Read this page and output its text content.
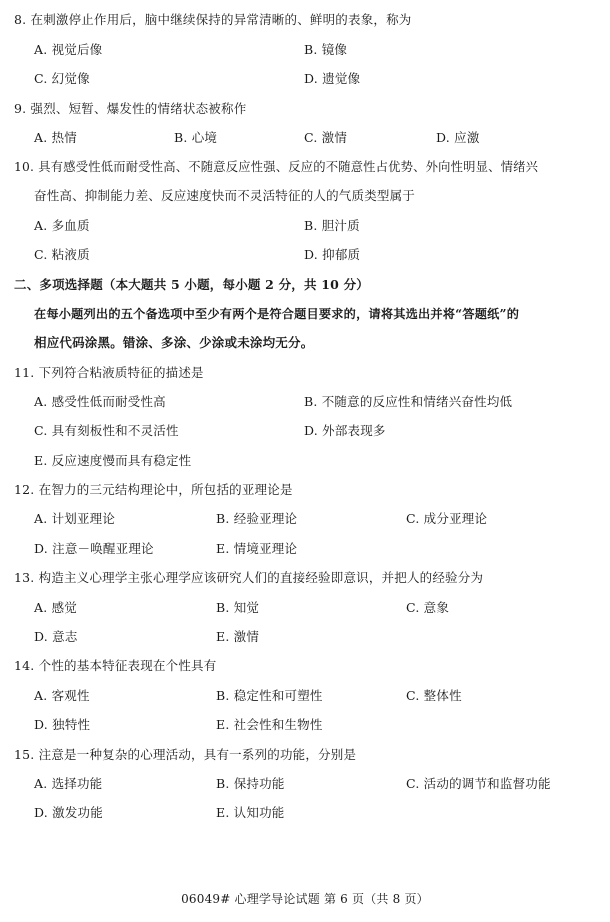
8. 在刺激停止作用后，脑中继续保持的异常清晰的、鲜明的表象，称为
A. 视觉后像	B. 镜像
C. 幻觉像	D. 遗觉像
9. 强烈、短暂、爆发性的情绪状态被称作
A. 热情	B. 心境	C. 激情	D. 应激
10. 具有感受性低而耐受性高、不随意反应性强、反应的不随意性占优势、外向性明显、情绪兴
奋性高、抑制能力差、反应速度快而不灵活特征的人的气质类型属于
A. 多血质	B. 胆汁质
C. 粘液质	D. 抑郁质
二、多项选择题（本大题共 5 小题，每小题 2 分，共 10 分）
在每小题列出的五个备选项中至少有两个是符合题目要求的，请将其选出并将“答题纸”的
相应代码涂黑。错涂、多涂、少涂或未涂均无分。
11. 下列符合粘液质特征的描述是
A. 感受性低而耐受性高	B. 不随意的反应性和情绪兴奋性均低
C. 具有刻板性和不灵活性	D. 外部表现多
E. 反应速度慢而具有稳定性
12. 在智力的三元结构理论中，所包括的亚理论是
A. 计划亚理论	B. 经验亚理论	C. 成分亚理论
D. 注意－唤醒亚理论	E. 情境亚理论
13. 构造主义心理学主张心理学应该研究人们的直接经验即意识，并把人的经验分为
A. 感觉	B. 知觉	C. 意象
D. 意志	E. 激情
14. 个性的基本特征表现在个性具有
A. 客观性	B. 稳定性和可塑性	C. 整体性
D. 独特性	E. 社会性和生物性
15. 注意是一种复杂的心理活动，具有一系列的功能，分别是
A. 选择功能	B. 保持功能	C. 活动的调节和监督功能
D. 激发功能	E. 认知功能
06049# 心理学导论试题 第 6 页（共 8 页）
